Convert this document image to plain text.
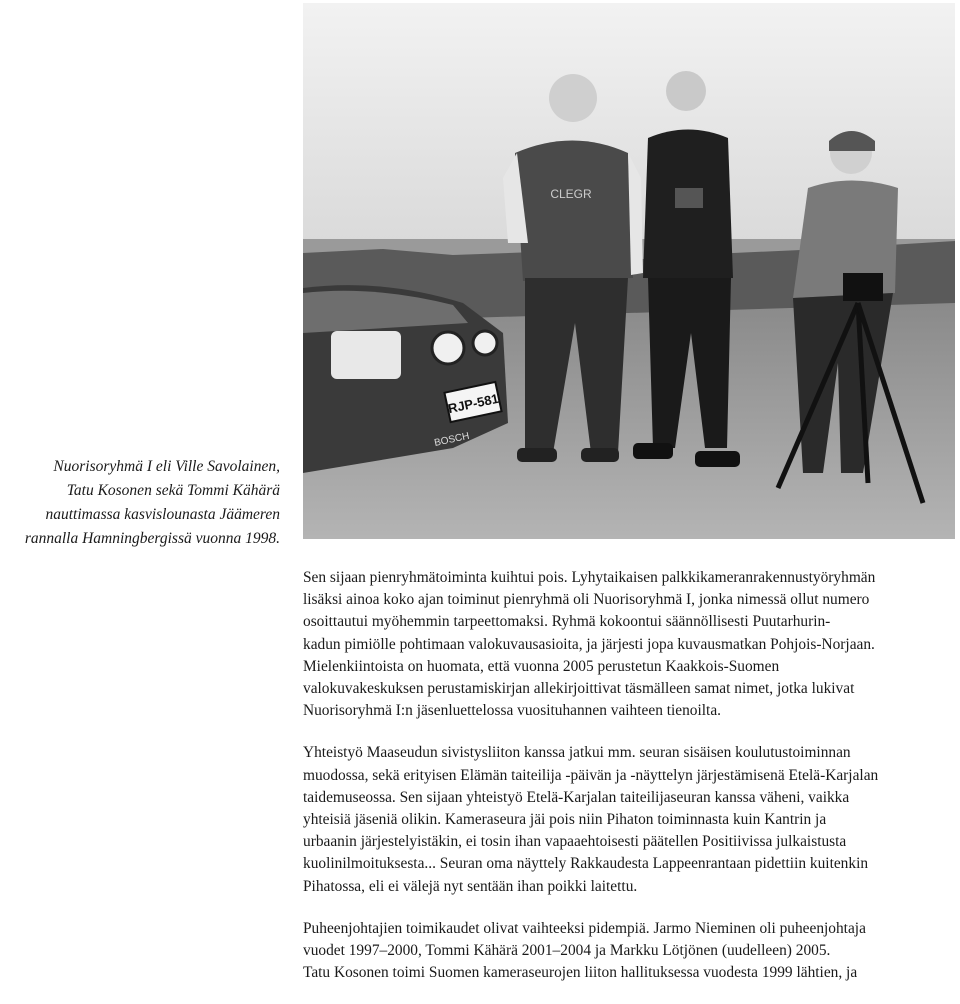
Nuorisoryhmä I eli Ville Savolainen,
Tatu Kosonen sekä Tommi Kähärä
nauttimassa kasvislounasta Jäämeren
rannalla Hamningbergissä vuonna 1998.
RJP-581
BOSCH
CLEGR

Sen sijaan pienryhmätoiminta kuihtui pois. Lyhytaikaisen palkkikameranrakennustyöryhmän
lisäksi ainoa koko ajan toiminut pienryhmä oli Nuorisoryhmä I, jonka nimessä ollut numero
osoittautui myöhemmin tarpeettomaksi. Ryhmä kokoontui säännöllisesti Puutarhurin-
kadun pimiölle pohtimaan valokuvausasioita, ja järjesti jopa kuvausmatkan Pohjois-Norjaan.
Mielenkiintoista on huomata, että vuonna 2005 perustetun Kaakkois-Suomen
valokuvakeskuksen perustamiskirjan allekirjoittivat täsmälleen samat nimet, jotka lukivat
Nuorisoryhmä I:n jäsenluettelossa vuosituhannen vaihteen tienoilta.

Yhteistyö Maaseudun sivistysliiton kanssa jatkui mm. seuran sisäisen koulutustoiminnan
muodossa, sekä erityisen Elämän taiteilija -päivän ja -näyttelyn järjestämisenä Etelä-Karjalan
taidemuseossa. Sen sijaan yhteistyö Etelä-Karjalan taiteilijaseuran kanssa väheni, vaikka
yhteisiä jäseniä olikin. Kameraseura jäi pois niin Pihaton toiminnasta kuin Kantrin ja
urbaanin järjestelyistäkin, ei tosin ihan vapaaehtoisesti päätellen Positiivissa julkaistusta
kuolinilmoituksesta... Seuran oma näyttely Rakkaudesta Lappeenrantaan pidettiin kuitenkin
Pihatossa, eli ei välejä nyt sentään ihan poikki laitettu.

Puheenjohtajien toimikaudet olivat vaihteeksi pidempiä. Jarmo Nieminen oli puheenjohtaja
vuodet 1997–2000, Tommi Kähärä 2001–2004 ja Markku Lötjönen (uudelleen) 2005.
Tatu Kosonen toimi Suomen kameraseurojen liiton hallituksessa vuodesta 1999 lähtien, ja
